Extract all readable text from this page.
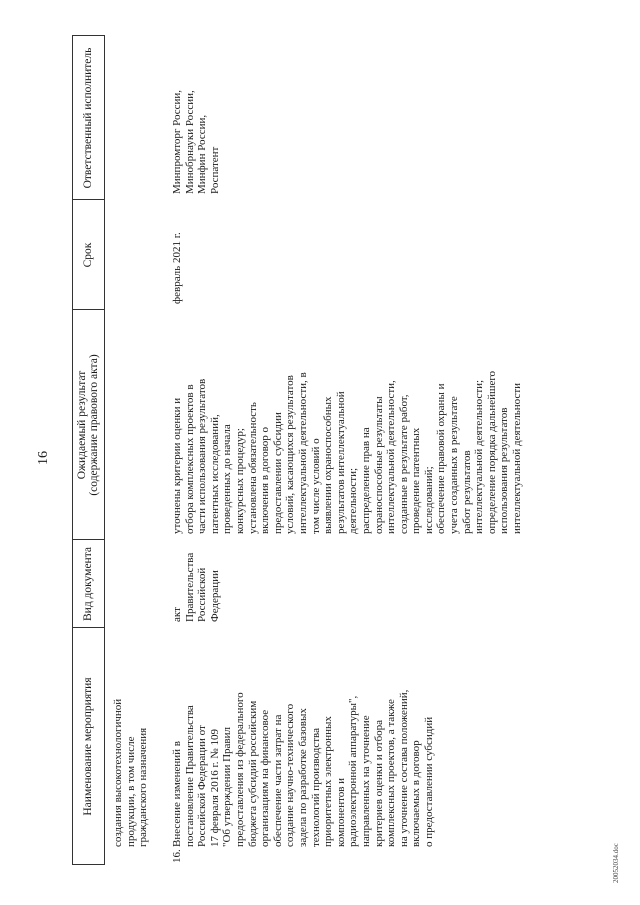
16
Наименование мероприятия
Вид документа
Ожидаемый результат (содержание правового акта)
Срок
Ответственный исполнитель
создания высокотехнологичной продукции, в том числе гражданского назначения
16.
Внесение изменений в постановление Правительства Российской Федерации от 17 февраля 2016 г. № 109 "Об утверждении Правил предоставления из федерального бюджета субсидий российским организациям на финансовое обеспечение части затрат на создание научно-технического задела по разработке базовых технологий производства приоритетных электронных компонентов и радиоэлектронной аппаратуры", направленных на уточнение критериев оценки и отбора комплексных проектов, а также на уточнение состава положений, включаемых в договор о предоставлении субсидий
акт Правительства Российской Федерации
уточнены критерии оценки и отбора комплексных проектов в части использования результатов патентных исследований, проведенных до начала конкурсных процедур; установлена обязательность включения в договор о предоставлении субсидии условий, касающихся результатов интеллектуальной деятельности, в том числе условий о выявлении охраноспособных результатов интеллектуальной деятельности; распределение прав на охраноспособные результаты интеллектуальной деятельности, созданные в результате работ, проведение патентных исследований; обеспечение правовой охраны и учета созданных в результате работ результатов интеллектуальной деятельности; определение порядка дальнейшего использования результатов интеллектуальной деятельности
февраль 2021 г.
Минпромторг России, Минобрнауки России, Минфин России, Роспатент
20052034.doc
